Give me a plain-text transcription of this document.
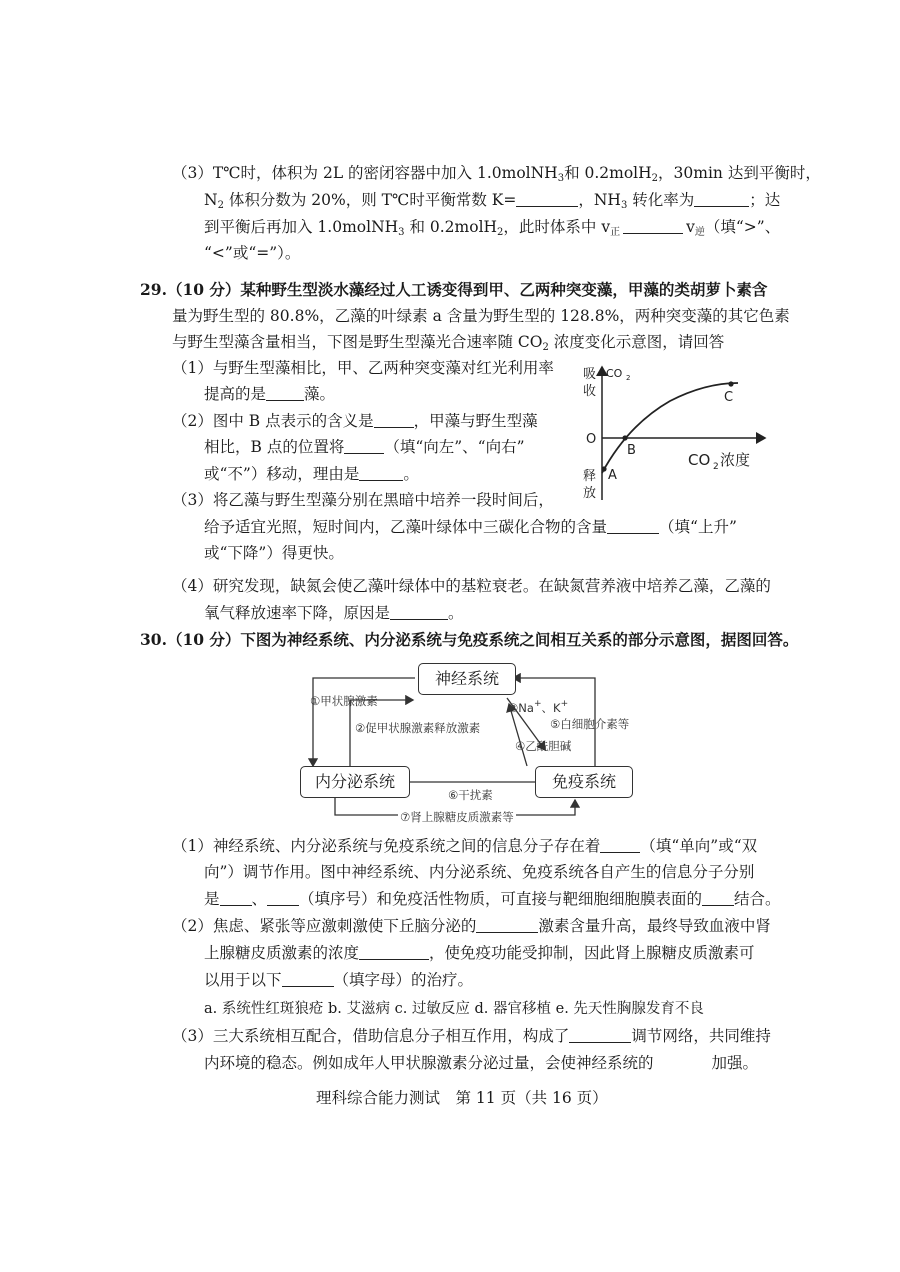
（3）T℃时，体积为 2L 的密闭容器中加入 1.0molNH$_3$和 0.2molH$_2$，30min 达到平衡时，
$N_2$ 体积分数为 20%，则 T℃时平衡常数 K=	，$NH_3$ 转化率为	；达
到平衡后再加入 1.0molNH$_3$ 和 0.2molH$_2$，此时体系中 $v_正$	$v_逆$（填“>”、
“<”或“=”）。
29.（10 分）某种野生型淡水藻经过人工诱变得到甲、乙两种突变藻，甲藻的类胡萝卜素含
量为野生型的 80.8%，乙藻的叶绿素 a 含量为野生型的 128.8%，两种突变藻的其它色素
与野生型藻含量相当，下图是野生型藻光合速率随 $CO_2$ 浓度变化示意图，请回答
（1）与野生型藻相比，甲、乙两种突变藻对红光利用率
提高的是 藻。
（2）图中 B 点表示的含义是	，甲藻与野生型藻
相比，B 点的位置将	（填“向左”、“向右”
或“不”）移动，理由是	。
（3）将乙藻与野生型藻分别在黑暗中培养一段时间后，
给予适宜光照，短时间内，乙藻叶绿体中三碳化合物的含量	（填“上升”
或“下降”）得更快。
（4）研究发现，缺氮会使乙藻叶绿体中的基粒衰老。在缺氮营养液中培养乙藻，乙藻的
氧气释放速率下降，原因是	。
吸
收
CO 2
O
A
B
C
CO 2 浓度
释
放
30.（10 分）下图为神经系统、内分泌系统与免疫系统之间相互关系的部分示意图，据图回答。
神经系统
内分泌系统	免疫系统
①甲状腺激素
②促甲状腺激素释放激素
③Na+、K+
④乙酰胆碱
⑤白细胞介素等
⑥干扰素
⑦肾上腺糖皮质激素等
（1）神经系统、内分泌系统与免疫系统之间的信息分子存在着	（填“单向”或“双
向”）调节作用。图中神经系统、内分泌系统、免疫系统各自产生的信息分子分别
是 、 （填序号）和免疫活性物质，可直接与靶细胞细胞膜表面的 结合。
（2）焦虑、紧张等应激刺激使下丘脑分泌的	激素含量升高，最终导致血液中肾
上腺糖皮质激素的浓度	，使免疫功能受抑制，因此肾上腺糖皮质激素可
以用于以下	（填字母）的治疗。
a. 系统性红斑狼疮 b. 艾滋病 c. 过敏反应 d. 器官移植 e. 先天性胸腺发育不良
（3）三大系统相互配合，借助信息分子相互作用，构成了	调节网络，共同维持
内环境的稳态。例如成年人甲状腺激素分泌过量，会使神经系统的	加强。
理科综合能力测试　第 11 页（共 16 页）
